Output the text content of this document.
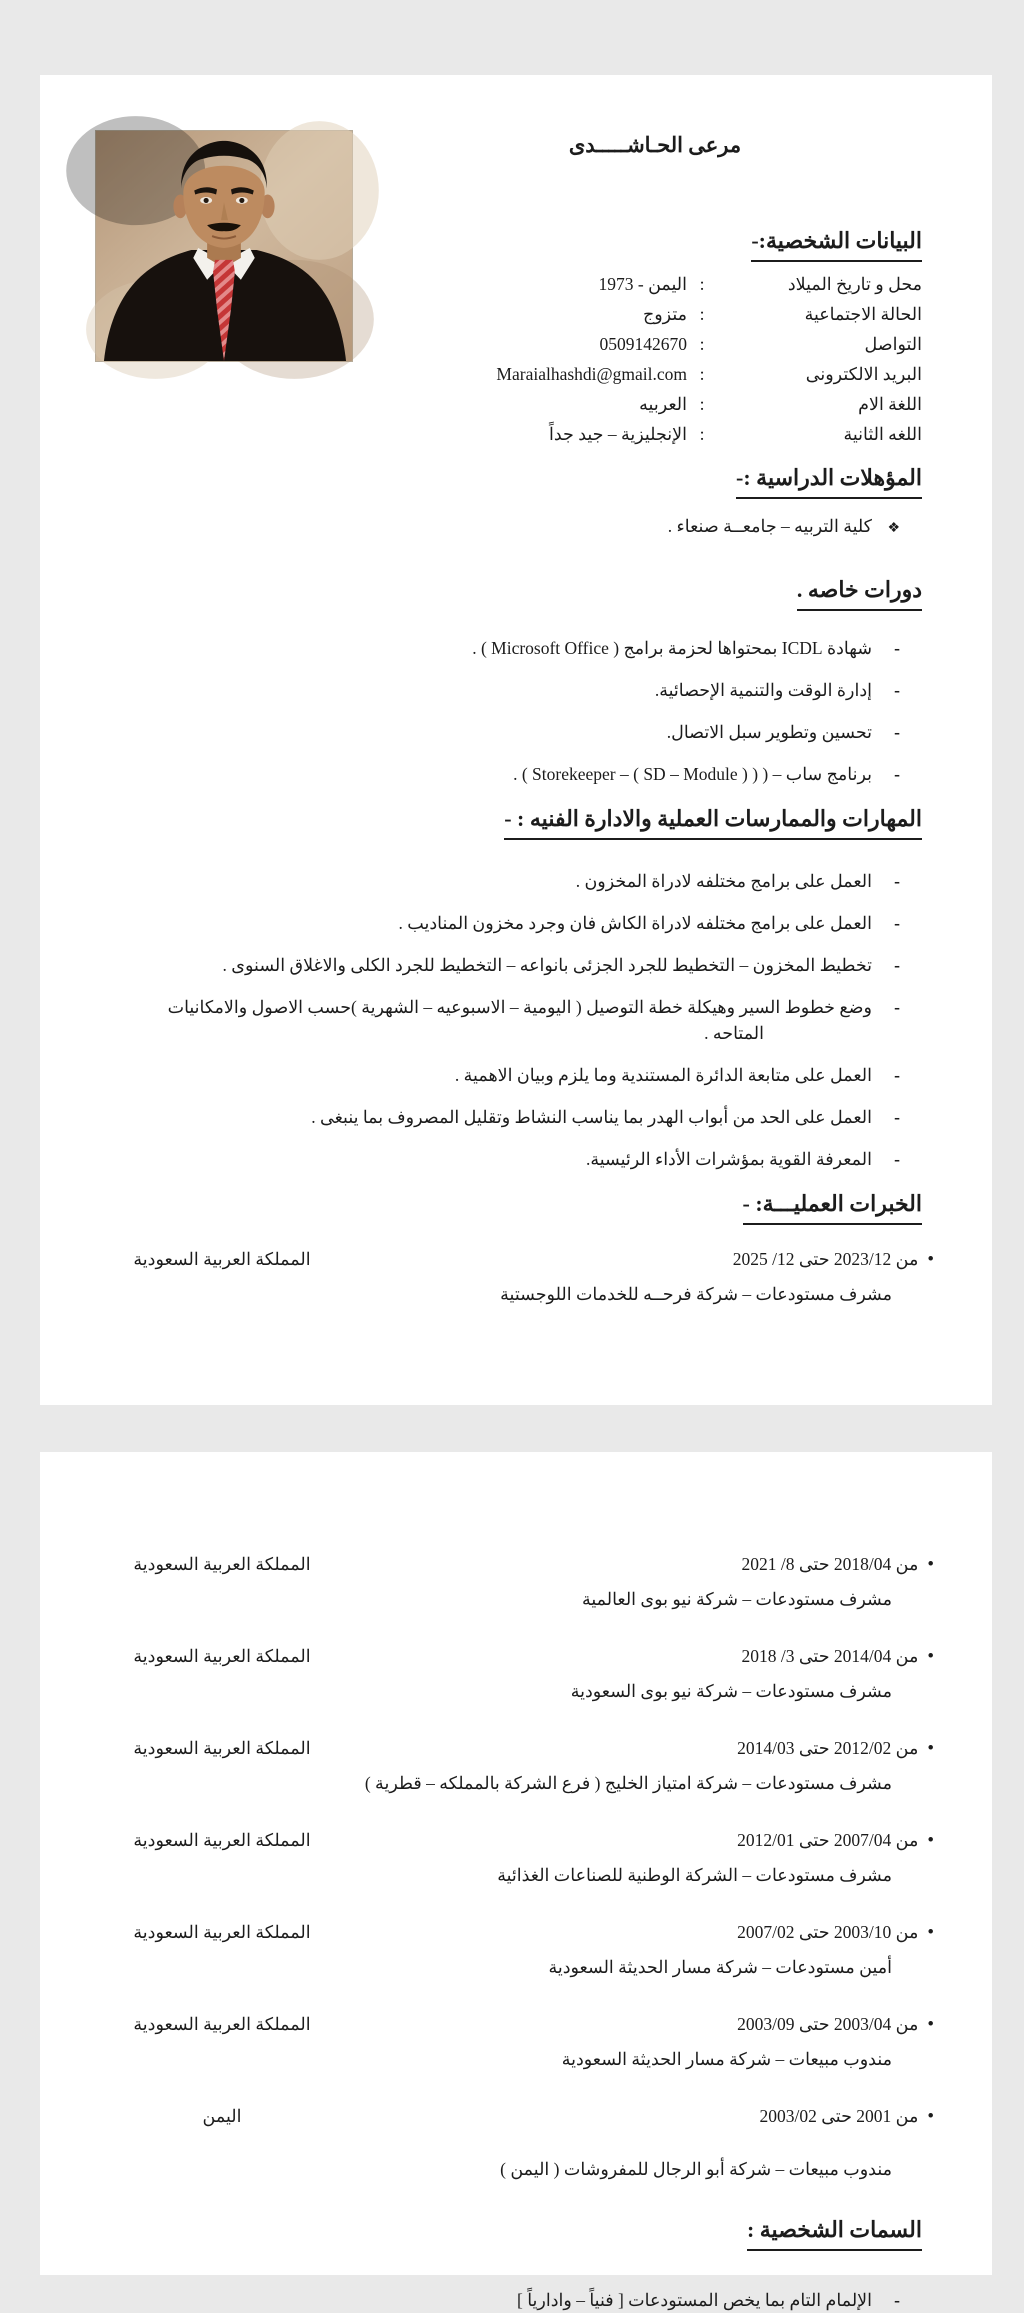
مرعى الحـاشـــــدى
البيانات الشخصية:-
محل و تاريخ الميلاد
:
اليمن - 1973
الحالة الاجتماعية
:
متزوج
التواصل
:
0509142670
البريد الالكترونى
:
Maraialhashdi@gmail.com
اللغة الام
:
العربيه
اللغه الثانية
:
الإنجليزية – جيد جداً
المؤهلات الدراسية :-
❖
كلية التربيه – جامعــة صنعاء .
دورات خاصه .
-
شهادة ICDL بمحتواها لحزمة برامج ( Microsoft Office ) .
-
إدارة الوقت والتنمية الإحصائية.
-
تحسين وتطوير سبل الاتصال.
-
برنامج ساب – ( ( Storekeeper – ( SD – Module ) ) .
المهارات والممارسات العملية والادارة الفنيه : -
-
العمل على برامج مختلفه لادراة المخزون .
-
العمل على برامج مختلفه لادراة الكاش فان وجرد مخزون المناديب .
-
تخطيط المخزون – التخطيط للجرد الجزئى بانواعه – التخطيط للجرد الكلى والاغلاق السنوى .
-
وضع خطوط السير وهيكلة خطة التوصيل ( اليومية – الاسبوعيه – الشهرية )حسب الاصول والامكانيات
المتاحه .
-
العمل على متابعة الدائرة المستندية وما يلزم وبيان الاهمية .
-
العمل على الحد من أبواب الهدر بما يناسب النشاط وتقليل المصروف بما ينبغى .
-
المعرفة القوية بمؤشرات الأداء الرئيسية.
الخبرات العمليـــة: -
•
من 2023/12 حتى 12/ 2025
المملكة العربية السعودية
مشرف مستودعات – شركة فرحــه للخدمات اللوجستية
•
من 2018/04 حتى 8/ 2021
المملكة العربية السعودية
مشرف مستودعات – شركة نيو بوى العالمية
•
من 2014/04 حتى 3/ 2018
المملكة العربية السعودية
مشرف مستودعات – شركة نيو بوى السعودية
•
من 2012/02 حتى 2014/03
المملكة العربية السعودية
مشرف مستودعات – شركة امتياز الخليج ( فرع الشركة بالمملكه – قطرية )
•
من 2007/04 حتى 2012/01
المملكة العربية السعودية
مشرف مستودعات – الشركة الوطنية للصناعات الغذائية
•
من 2003/10 حتى 2007/02
المملكة العربية السعودية
أمين مستودعات – شركة مسار الحديثة السعودية
•
من 2003/04 حتى 2003/09
المملكة العربية السعودية
مندوب مبيعات – شركة مسار الحديثة السعودية
•
من 2001 حتى 2003/02
اليمن
مندوب مبيعات – شركة أبو الرجال للمفروشات ( اليمن )
السمات الشخصية :
-
الإلمام التام بما يخص المستودعات [ فنياً – وادارياً ]
